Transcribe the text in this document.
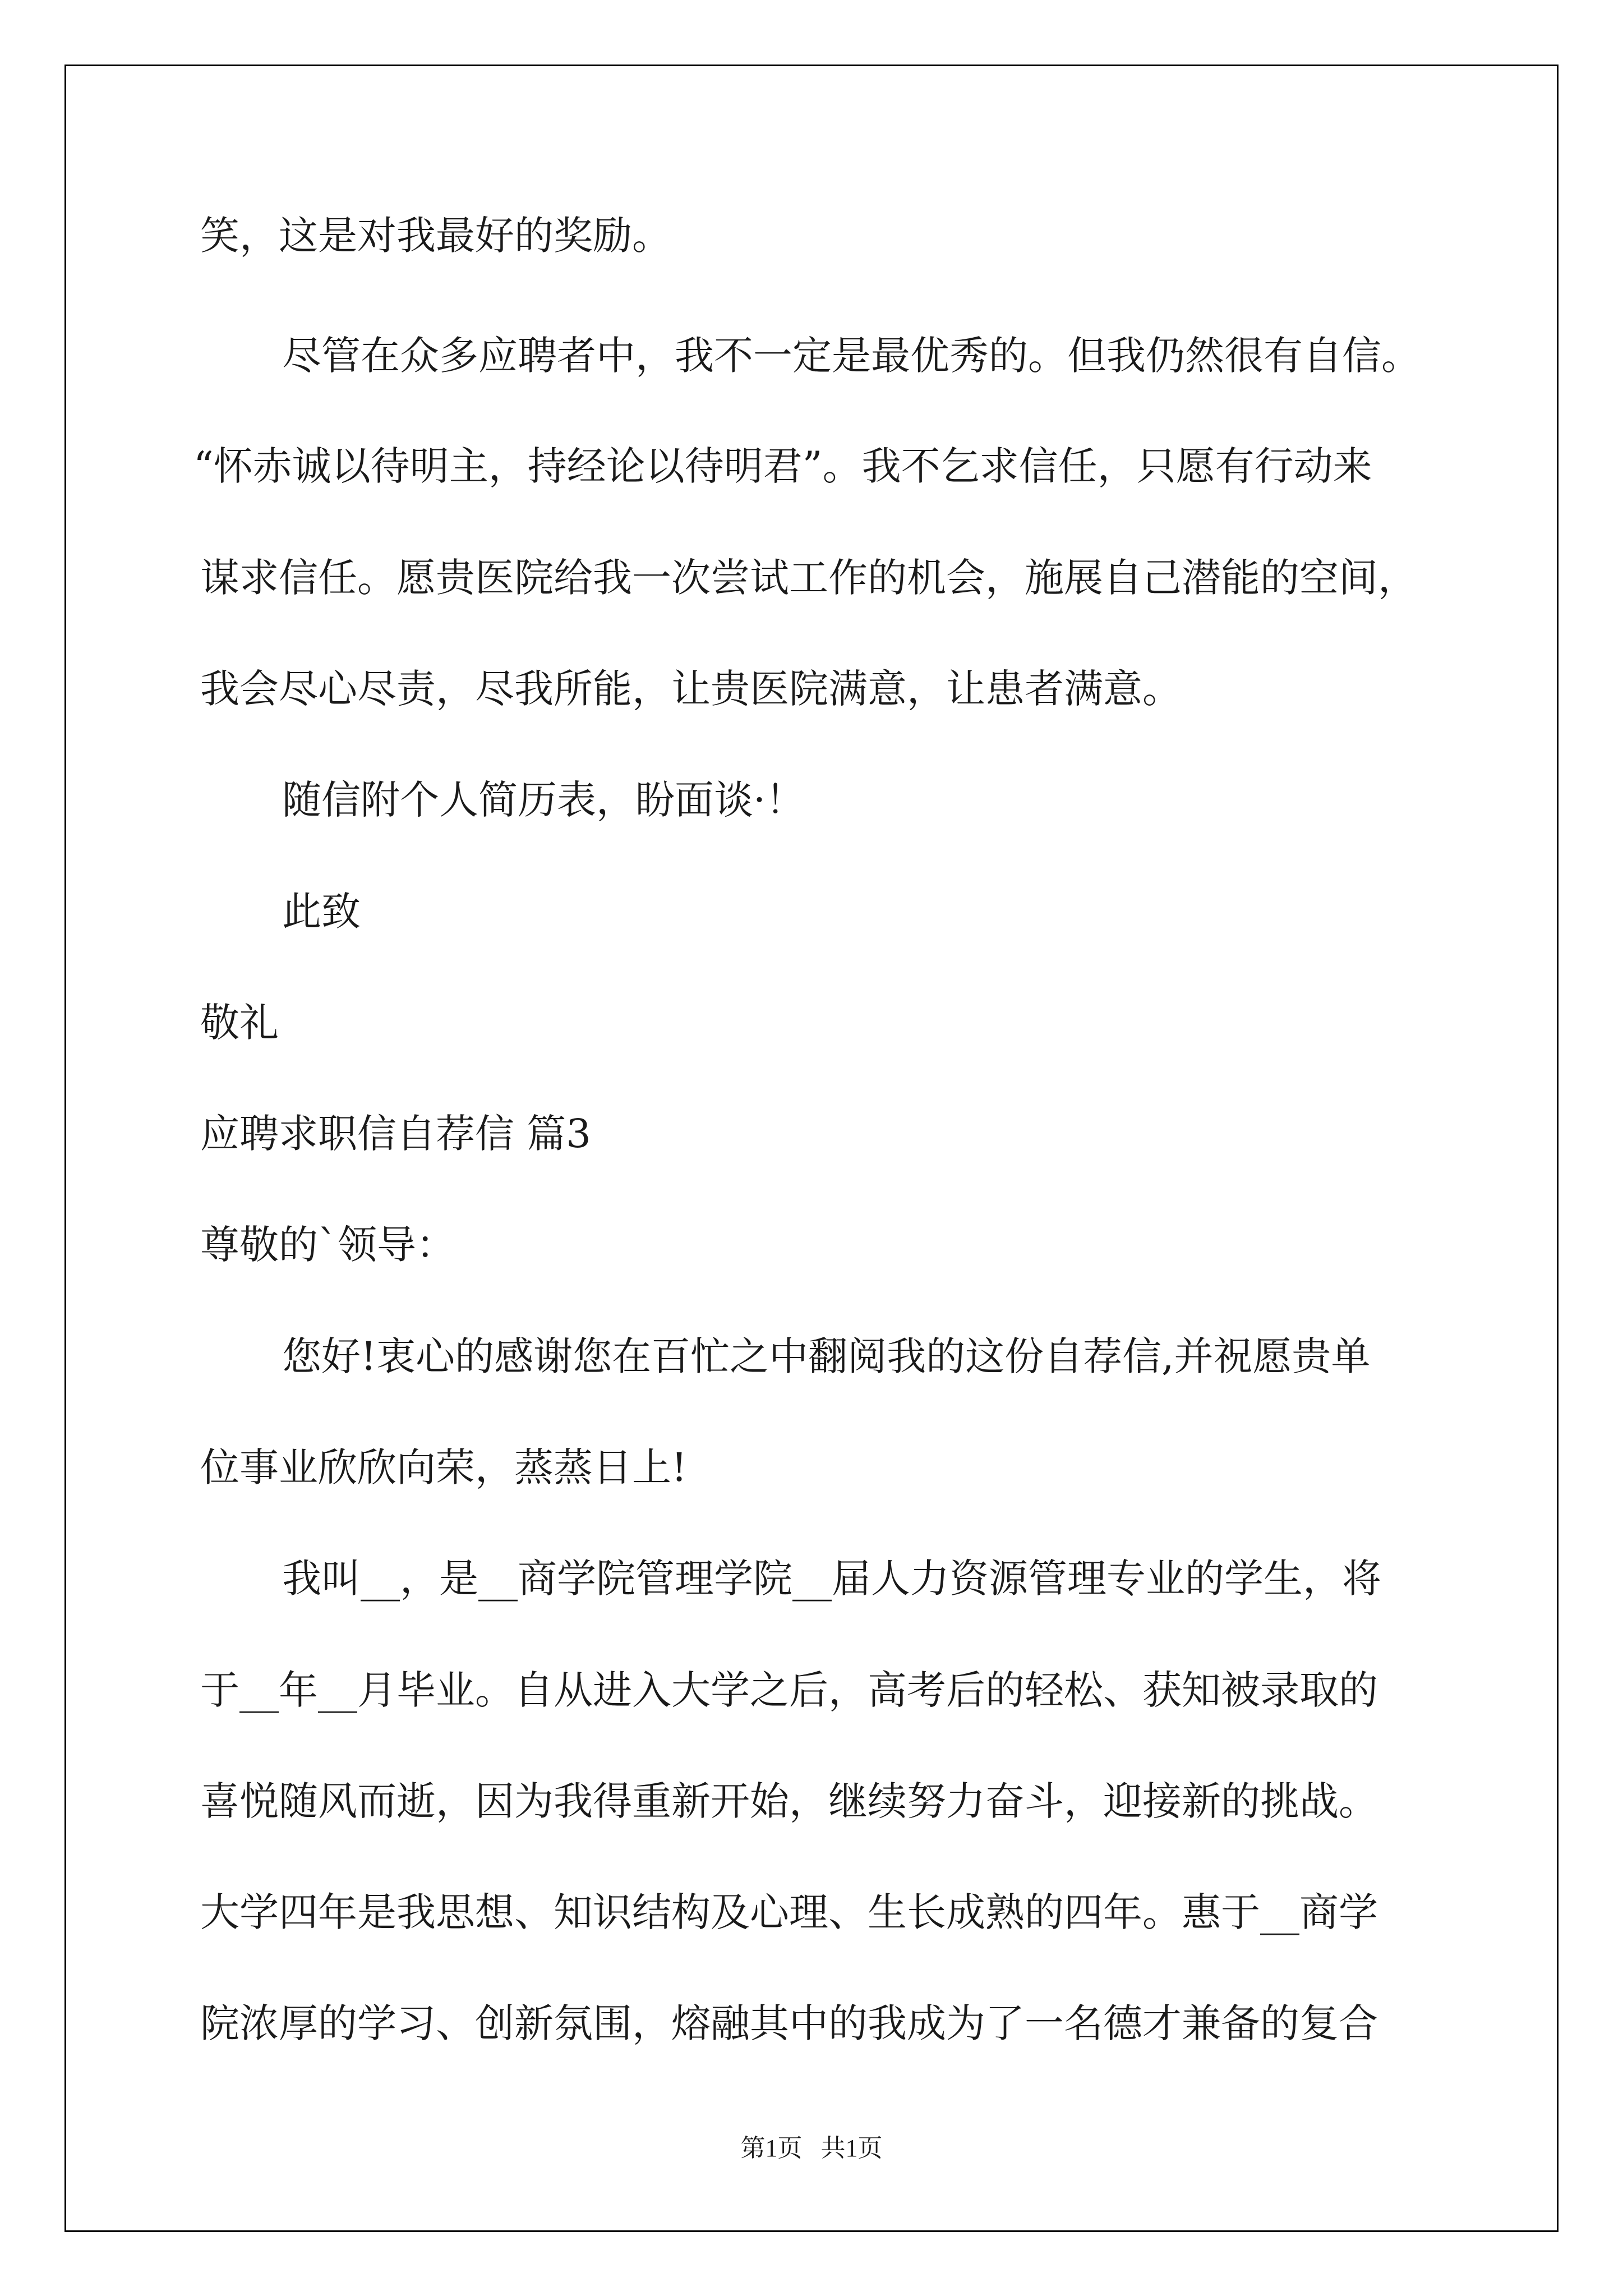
笑，这是对我最好的奖励。
尽管在众多应聘者中，我不一定是最优秀的。但我仍然很有自信。
“怀赤诚以待明主，持经论以待明君”。我不乞求信任，只愿有行动来
谋求信任。愿贵医院给我一次尝试工作的机会，施展自己潜能的空间，
我会尽心尽责，尽我所能，让贵医院满意，让患者满意。
随信附个人简历表，盼面谈·！
此致
敬礼
应聘求职信自荐信 篇3
尊敬的`领导：
您好!衷心的感谢您在百忙之中翻阅我的这份自荐信,并祝愿贵单
位事业欣欣向荣，蒸蒸日上!
我叫__，是__商学院管理学院__届人力资源管理专业的学生，将
于__年__月毕业。自从进入大学之后，高考后的轻松、获知被录取的
喜悦随风而逝，因为我得重新开始，继续努力奋斗，迎接新的挑战。
大学四年是我思想、知识结构及心理、生长成熟的四年。惠于__商学
院浓厚的学习、创新氛围，熔融其中的我成为了一名德才兼备的复合
第1页   共1页
